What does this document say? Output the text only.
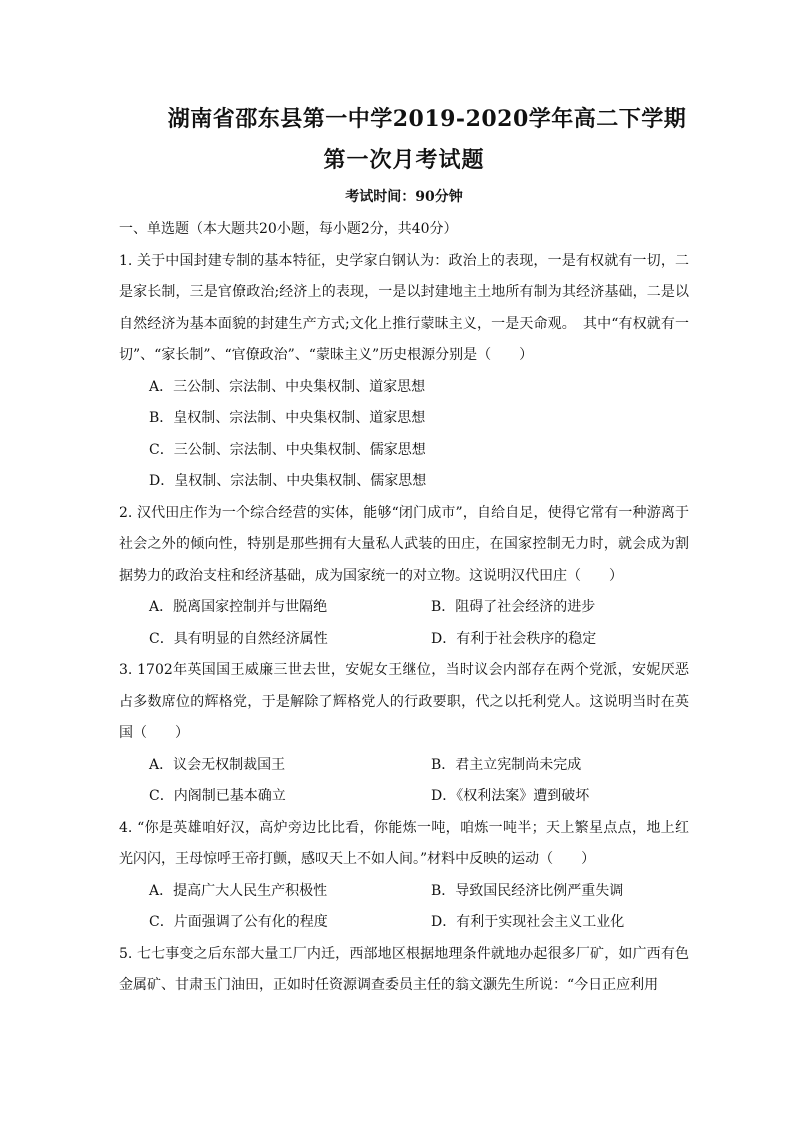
湖南省邵东县第一中学2019-2020学年高二下学期
第一次月考试题
考试时间：90分钟
一、单选题（本大题共20小题，每小题2分，共40分）
1. 关于中国封建专制的基本特征，史学家白钢认为：政治上的表现，一是有权就有一切，二是家长制，三是官僚政治;经济上的表现，一是以封建地主土地所有制为其经济基础，二是以自然经济为基本面貌的封建生产方式;文化上推行蒙昧主义，一是天命观。　其中“有权就有一切”、“家长制”、“官僚政治”、“蒙昧主义”历史根源分别是（　　）
A．三公制、宗法制、中央集权制、道家思想
B．皇权制、宗法制、中央集权制、道家思想
C．三公制、宗法制、中央集权制、儒家思想
D．皇权制、宗法制、中央集权制、儒家思想
2. 汉代田庄作为一个综合经营的实体，能够“闭门成市”，自给自足，使得它常有一种游离于社会之外的倾向性，特别是那些拥有大量私人武装的田庄，在国家控制无力时，就会成为割据势力的政治支柱和经济基础，成为国家统一的对立物。这说明汉代田庄（　　）
A．脱离国家控制并与世隔绝	B．阻碍了社会经济的进步
C．具有明显的自然经济属性	D．有利于社会秩序的稳定
3. 1702年英国国王威廉三世去世，安妮女王继位，当时议会内部存在两个党派，安妮厌恶占多数席位的辉格党，于是解除了辉格党人的行政要职，代之以托利党人。这说明当时在英国（　　）
A．议会无权制裁国王	B．君主立宪制尚未完成
C．内阁制已基本确立	D．《权利法案》遭到破坏
4. “你是英雄咱好汉，高炉旁边比比看，你能炼一吨，咱炼一吨半；天上繁星点点，地上红光闪闪，王母惊呼王帝打颤，感叹天上不如人间。”材料中反映的运动（　　）
A．提高广大人民生产积极性	B．导致国民经济比例严重失调
C．片面强调了公有化的程度	D．有利于实现社会主义工业化
5. 七七事变之后东部大量工厂内迁，西部地区根据地理条件就地办起很多厂矿，如广西有色金属矿、甘肃玉门油田，正如时任资源调查委员主任的翁文灏先生所说：“今日正应利用
